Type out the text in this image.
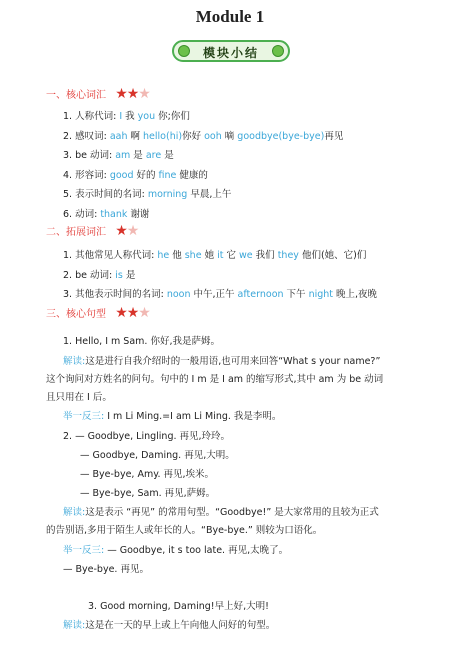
Module 1
模块小结
一、核心词汇 ★★★
二、拓展词汇 ★★
三、核心句型 ★★★
1. 人称代词: I 我 you 你;你们
2. 感叹词: aah 啊 hello(hi)你好 ooh 嘀 goodbye(bye-bye)再见
3. be 动词: am 是 are 是
4. 形容词: good 好的 fine 健康的
5. 表示时间的名词: morning 早晨,上午
6. 动词: thank 谢谢
1. 其他常见人称代词: he 他 she 她 it 它 we 我们 they 他们(她、它)们
2. be 动词: is 是
3. 其他表示时间的名词: noon 中午,正午 afternoon 下午 night 晚上,夜晚
1. Hello, I m Sam. 你好,我是萨姆。
解读:这是进行自我介绍时的一般用语,也可用来回答“What s your name?”
这个询问对方姓名的问句。句中的 I m 是 I am 的缩写形式,其中 am 为 be 动词
且只用在 I 后。
举一反三: I m Li Ming.=I am Li Ming. 我是李明。
2. — Goodbye, Lingling. 再见,玲玲。
— Goodbye, Daming. 再见,大明。
— Bye-bye, Amy. 再见,埃米。
— Bye-bye, Sam. 再见,萨姆。
解读:这是表示 “再见” 的常用句型。“Goodbye!” 是大家常用的且较为正式
的告别语,多用于陌生人或年长的人。“Bye-bye.” 则较为口语化。
举一反三: — Goodbye, it s too late. 再见,太晚了。
— Bye-bye. 再见。
3. Good morning, Daming!早上好,大明!
解读:这是在一天的早上或上午向他人问好的句型。
